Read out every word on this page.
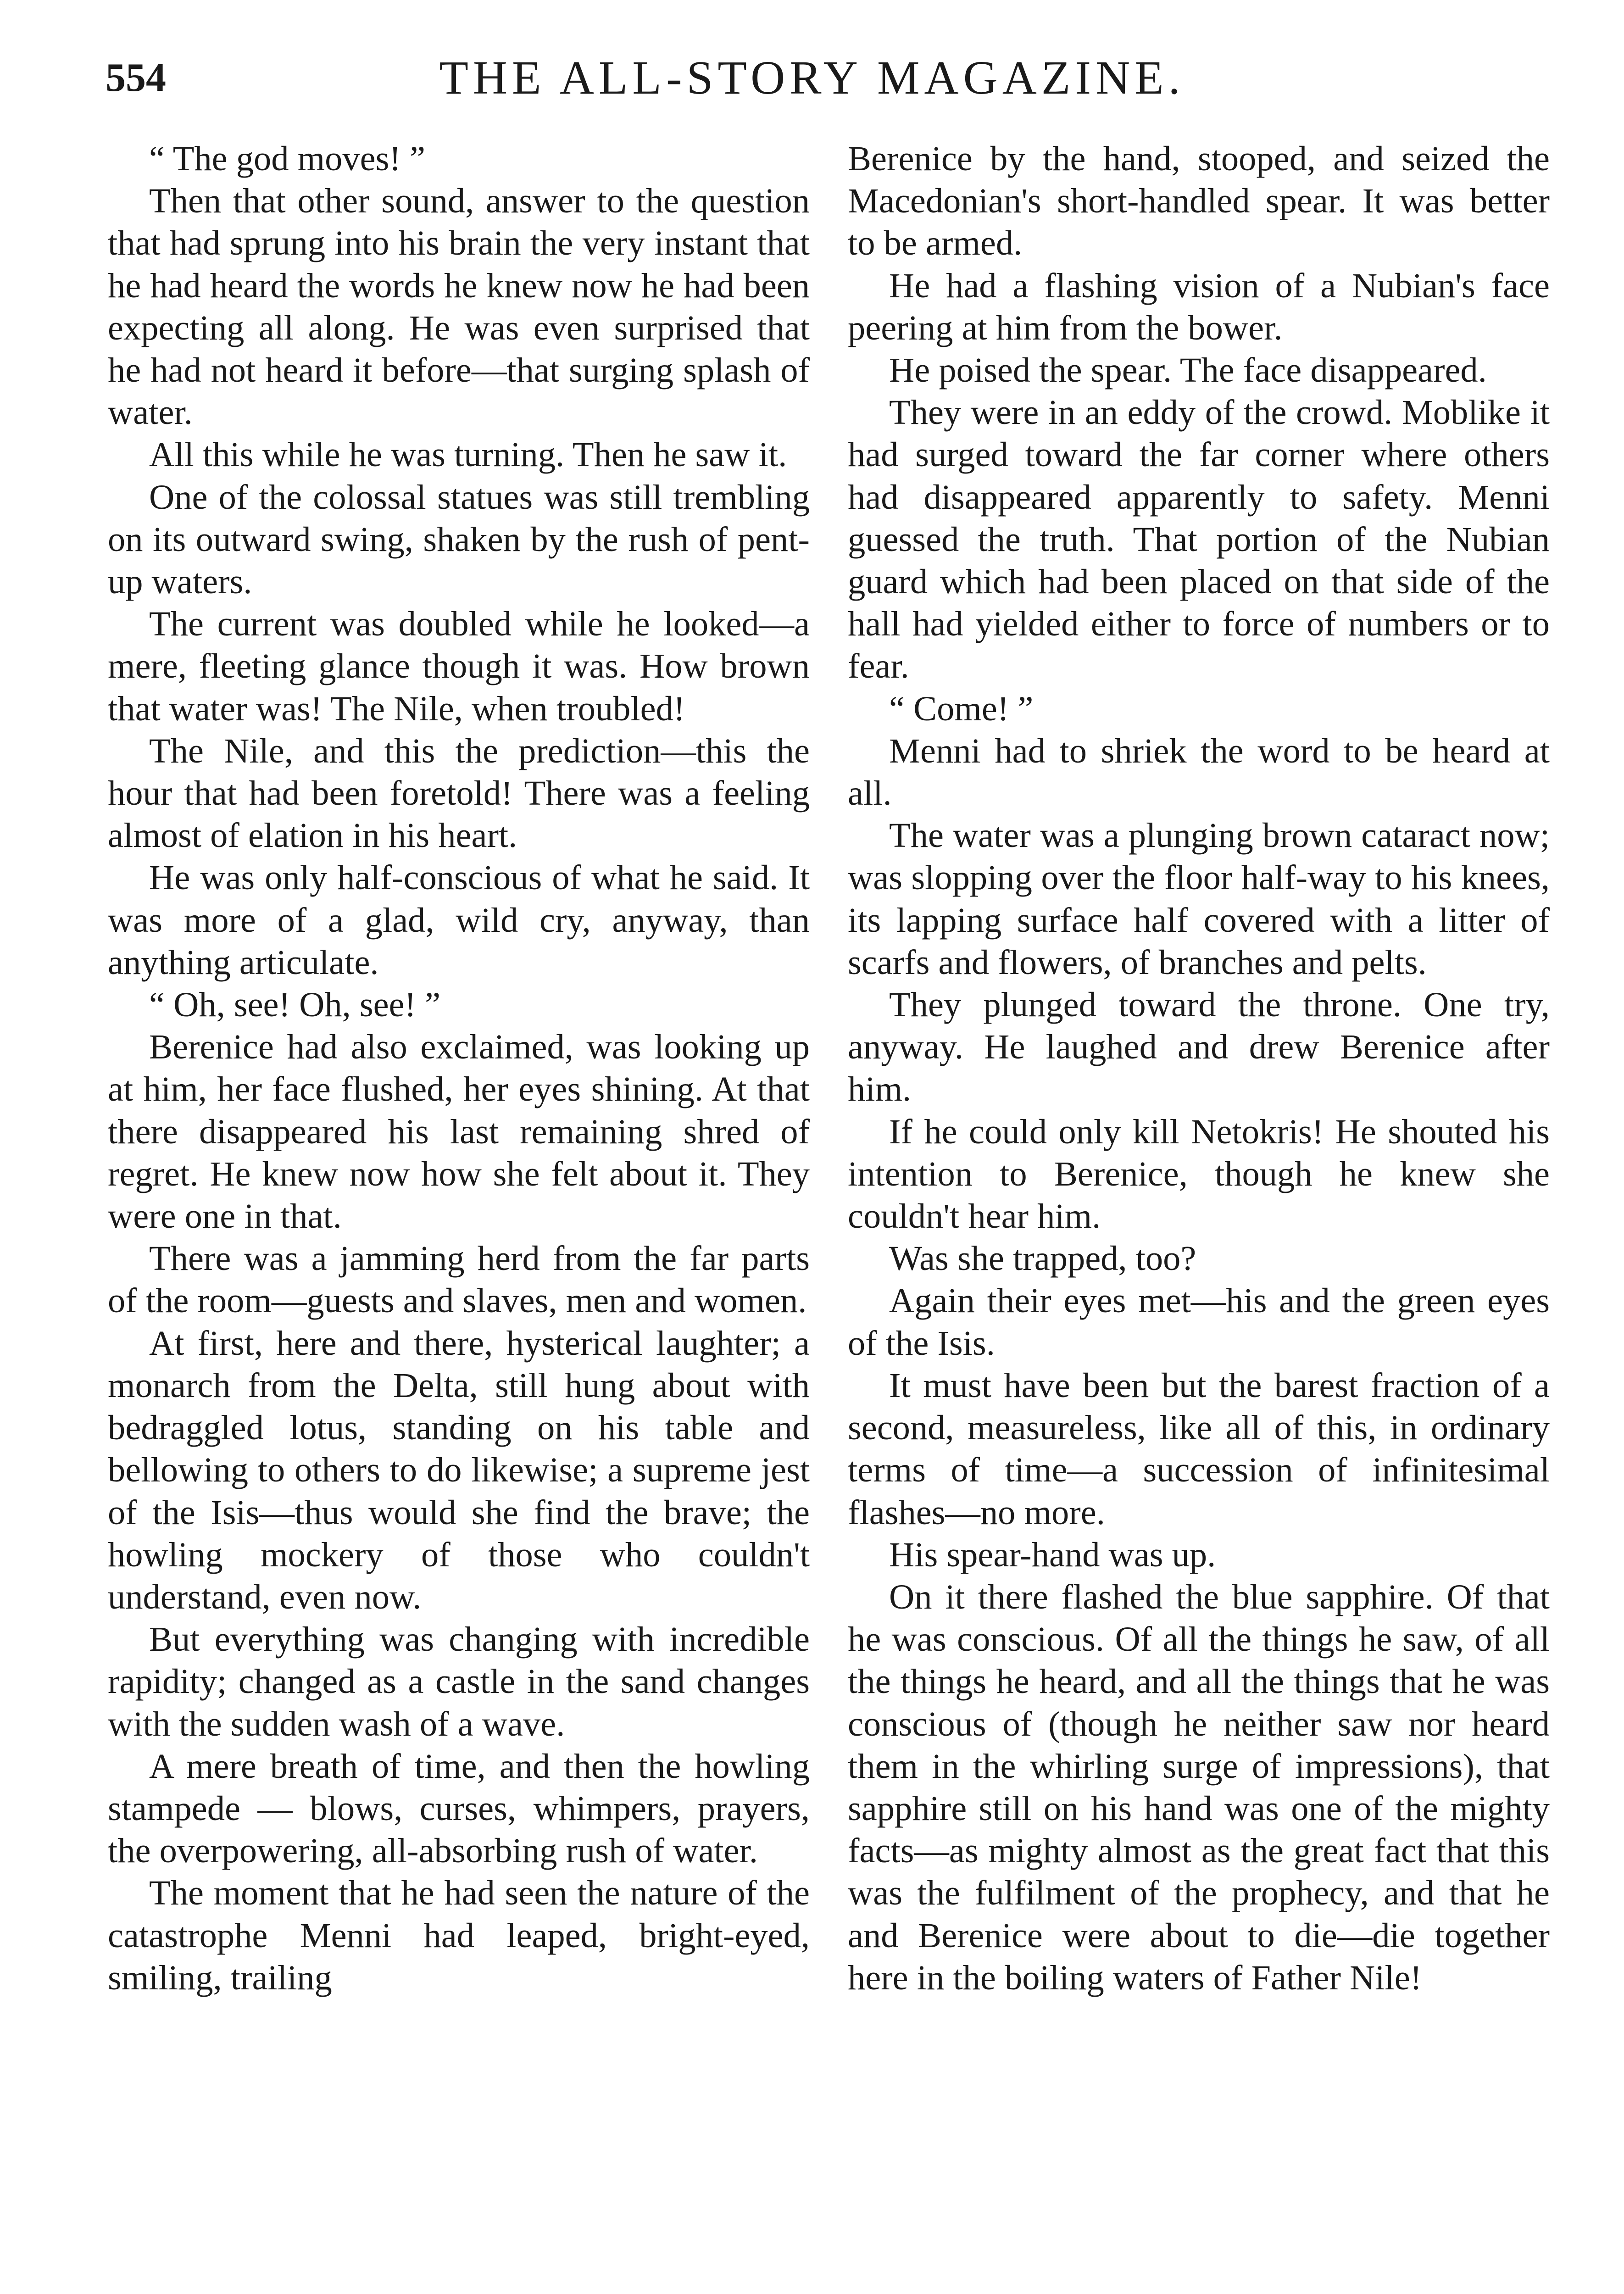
554	THE ALL-STORY MAGAZINE.

“ The god moves! ”

Then that other sound, answer to the question that had sprung into his brain the very instant that he had heard the words he knew now he had been expecting all along. He was even surprised that he had not heard it before—that surging splash of water.

All this while he was turning. Then he saw it.

One of the colossal statues was still trembling on its outward swing, shaken by the rush of pent-up waters.

The current was doubled while he looked—a mere, fleeting glance though it was. How brown that water was! The Nile, when troubled!

The Nile, and this the prediction—this the hour that had been foretold! There was a feeling almost of elation in his heart.

He was only half-conscious of what he said. It was more of a glad, wild cry, anyway, than anything articulate.

“ Oh, see! Oh, see! ”

Berenice had also exclaimed, was looking up at him, her face flushed, her eyes shining. At that there disappeared his last remaining shred of regret. He knew now how she felt about it. They were one in that.

There was a jamming herd from the far parts of the room—guests and slaves, men and women.

At first, here and there, hysterical laughter; a monarch from the Delta, still hung about with bedraggled lotus, standing on his table and bellowing to others to do likewise; a supreme jest of the Isis—thus would she find the brave; the howling mockery of those who couldn't understand, even now.

But everything was changing with incredible rapidity; changed as a castle in the sand changes with the sudden wash of a wave.

A mere breath of time, and then the howling stampede — blows, curses, whimpers, prayers, the overpowering, all-absorbing rush of water.

The moment that he had seen the nature of the catastrophe Menni had leaped, bright-eyed, smiling, trailing

Berenice by the hand, stooped, and seized the Macedonian's short-handled spear. It was better to be armed.

He had a flashing vision of a Nubian's face peering at him from the bower.

He poised the spear. The face disappeared.

They were in an eddy of the crowd. Moblike it had surged toward the far corner where others had disappeared apparently to safety. Menni guessed the truth. That portion of the Nubian guard which had been placed on that side of the hall had yielded either to force of numbers or to fear.

“ Come! ”

Menni had to shriek the word to be heard at all.

The water was a plunging brown cataract now; was slopping over the floor half-way to his knees, its lapping surface half covered with a litter of scarfs and flowers, of branches and pelts.

They plunged toward the throne. One try, anyway. He laughed and drew Berenice after him.

If he could only kill Netokris! He shouted his intention to Berenice, though he knew she couldn't hear him.

Was she trapped, too?

Again their eyes met—his and the green eyes of the Isis.

It must have been but the barest fraction of a second, measureless, like all of this, in ordinary terms of time—a succession of infinitesimal flashes—no more.

His spear-hand was up.

On it there flashed the blue sapphire. Of that he was conscious. Of all the things he saw, of all the things he heard, and all the things that he was conscious of (though he neither saw nor heard them in the whirling surge of impressions), that sapphire still on his hand was one of the mighty facts—as mighty almost as the great fact that this was the fulfilment of the prophecy, and that he and Berenice were about to die—die together here in the boiling waters of Father Nile!
